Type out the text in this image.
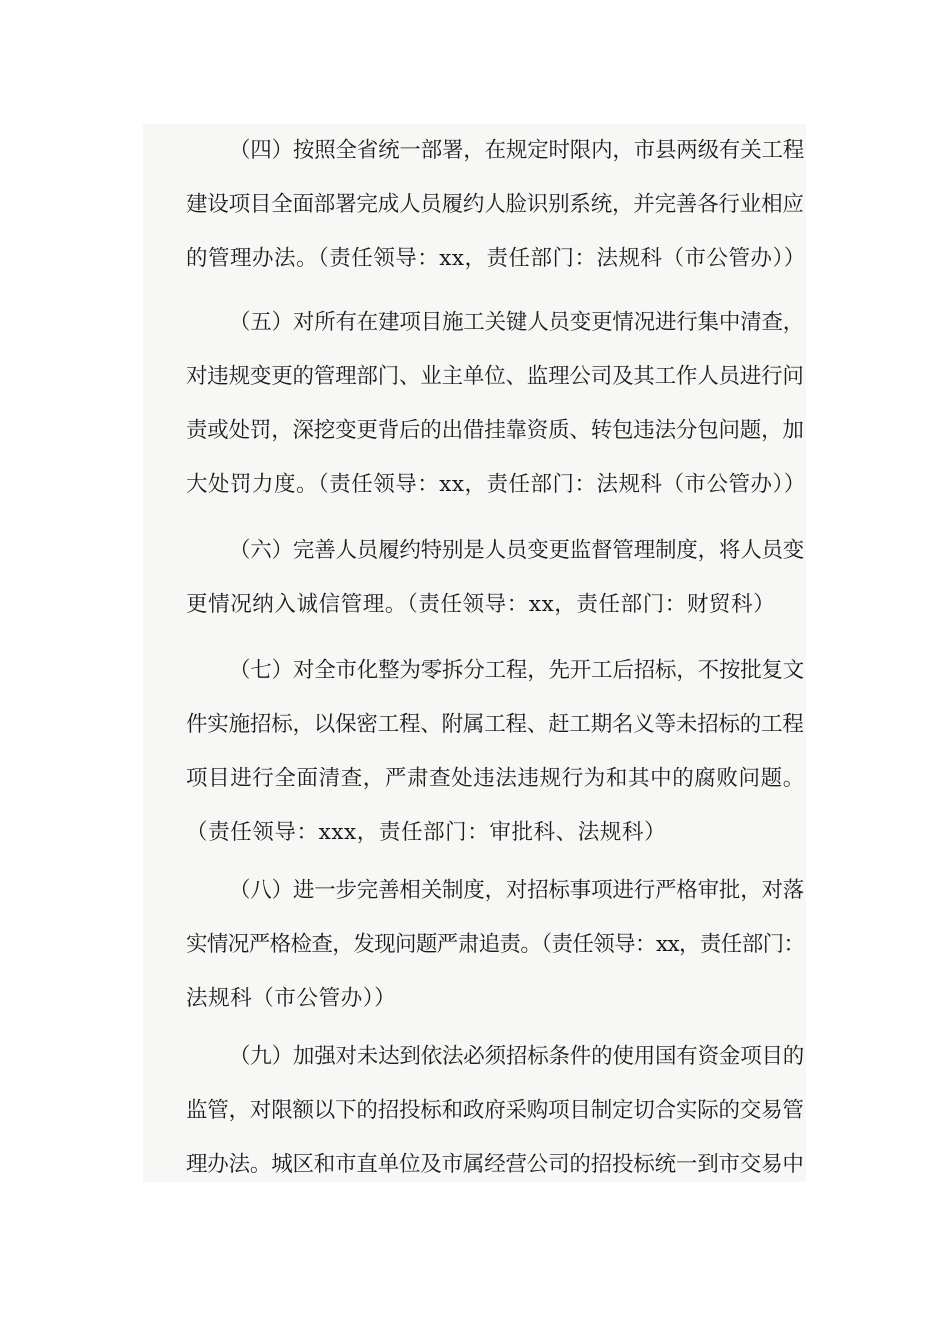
（四）按照全省统一部署，在规定时限内，市县两级有关工程
建设项目全面部署完成人员履约人脸识别系统，并完善各行业相应
的管理办法。（责任领导：xx，责任部门：法规科（市公管办））
（五）对所有在建项目施工关键人员变更情况进行集中清查，
对违规变更的管理部门、业主单位、监理公司及其工作人员进行问
责或处罚，深挖变更背后的出借挂靠资质、转包违法分包问题，加
大处罚力度。（责任领导：xx，责任部门：法规科（市公管办））
（六）完善人员履约特别是人员变更监督管理制度，将人员变
更情况纳入诚信管理。（责任领导：xx，责任部门：财贸科）
（七）对全市化整为零拆分工程，先开工后招标，不按批复文
件实施招标，以保密工程、附属工程、赶工期名义等未招标的工程
项目进行全面清查，严肃查处违法违规行为和其中的腐败问题。
（责任领导：xxx，责任部门：审批科、法规科）
（八）进一步完善相关制度，对招标事项进行严格审批，对落
实情况严格检查，发现问题严肃追责。（责任领导：xx，责任部门：
法规科（市公管办））
（九）加强对未达到依法必须招标条件的使用国有资金项目的
监管，对限额以下的招投标和政府采购项目制定切合实际的交易管
理办法。城区和市直单位及市属经营公司的招投标统一到市交易中
